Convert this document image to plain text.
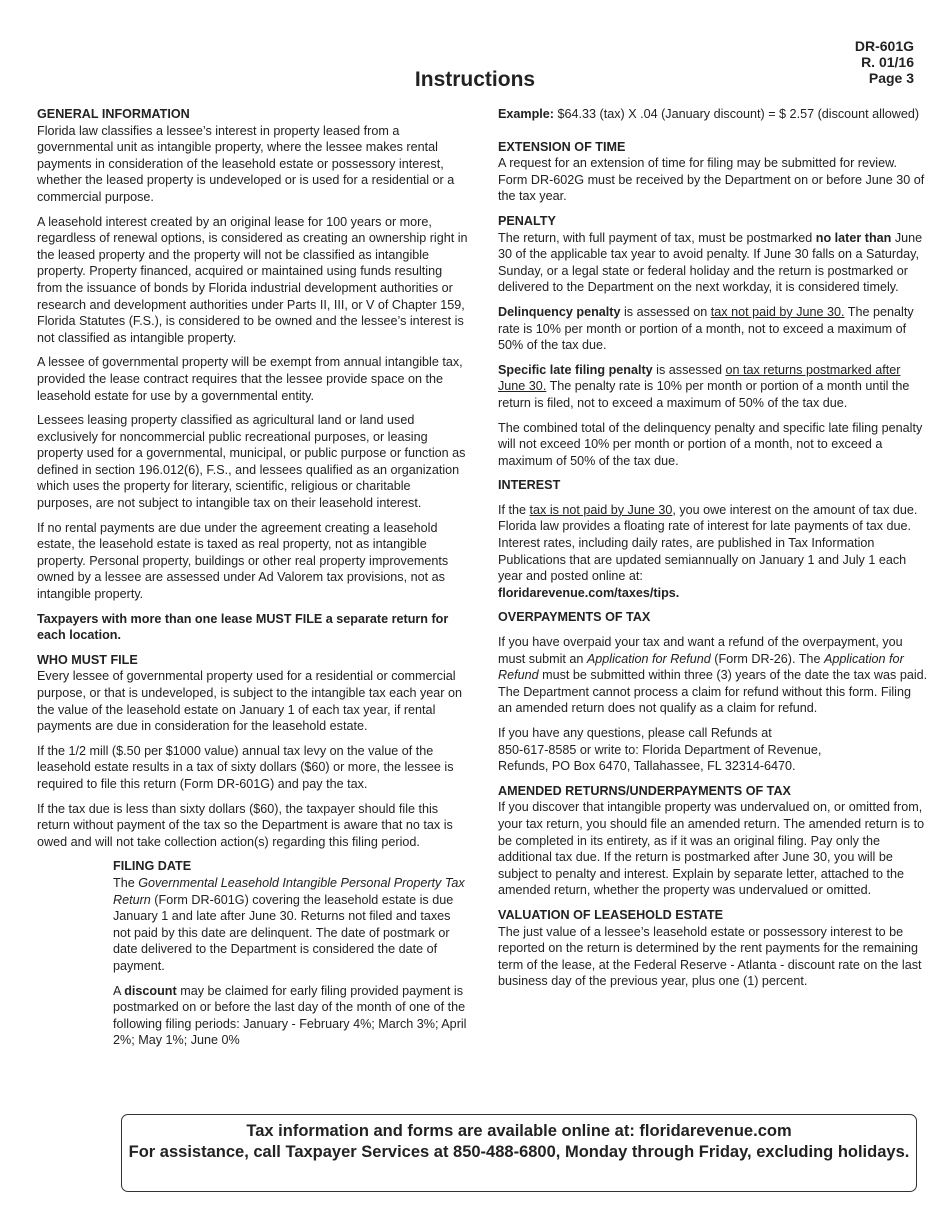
DR-601G
R. 01/16
Page 3
Instructions
GENERAL INFORMATION

Florida law classifies a lessee’s interest in property leased from a governmental unit as intangible property, where the lessee makes rental payments in consideration of the leasehold estate or possessory interest, whether the leased property is undeveloped or is used for a residential or a commercial purpose.

A leasehold interest created by an original lease for 100 years or more, regardless of renewal options, is considered as creating an ownership right in the leased property and the property will not be classified as intangible property. Property financed, acquired or maintained using funds resulting from the issuance of bonds by Florida industrial development authorities or research and development authorities under Parts II, III, or V of Chapter 159, Florida Statutes (F.S.), is considered to be owned and the lessee’s interest is not classified as intangible property.

A lessee of governmental property will be exempt from annual intangible tax, provided the lease contract requires that the lessee provide space on the leasehold estate for use by a governmental entity.

Lessees leasing property classified as agricultural land or land used exclusively for noncommercial public recreational purposes, or leasing property used for a governmental, municipal, or public purpose or function as defined in section 196.012(6), F.S., and lessees qualified as an organization which uses the property for literary, scientific, religious or charitable purposes, are not subject to intangible tax on their leasehold interest.

If no rental payments are due under the agreement creating a leasehold estate, the leasehold estate is taxed as real property, not as intangible property. Personal property, buildings or other real property improvements owned by a lessee are assessed under Ad Valorem tax provisions, not as intangible property.

Taxpayers with more than one lease MUST FILE a separate return for each location.

WHO MUST FILE

Every lessee of governmental property used for a residential or commercial purpose, or that is undeveloped, is subject to the intangible tax each year on the value of the leasehold estate on January 1 of each tax year, if rental payments are due in consideration for the leasehold estate.

If the 1/2 mill ($.50 per $1000 value) annual tax levy on the value of the leasehold estate results in a tax of sixty dollars ($60) or more, the lessee is required to file this return (Form DR-601G) and pay the tax.

If the tax due is less than sixty dollars ($60), the taxpayer should file this return without payment of the tax so the Department is aware that no tax is owed and will not take collection action(s) regarding this filing period.

FILING DATE

The Governmental Leasehold Intangible Personal Property Tax Return (Form DR-601G) covering the leasehold estate is due January 1 and late after June 30. Returns not filed and taxes not paid by this date are delinquent. The date of postmark or date delivered to the Department is considered the date of payment.

A discount may be claimed for early filing provided payment is postmarked on or before the last day of the month of one of the following filing periods: January - February 4%; March 3%; April 2%; May 1%; June 0%

Example: $64.33 (tax) X .04 (January discount) = $ 2.57 (discount allowed)

EXTENSION OF TIME

A request for an extension of time for filing may be submitted for review. Form DR-602G must be received by the Department on or before June 30 of the tax year.

PENALTY

The return, with full payment of tax, must be postmarked no later than June 30 of the applicable tax year to avoid penalty. If June 30 falls on a Saturday, Sunday, or a legal state or federal holiday and the return is postmarked or delivered to the Department on the next workday, it is considered timely.

Delinquency penalty is assessed on tax not paid by June 30. The penalty rate is 10% per month or portion of a month, not to exceed a maximum of 50% of the tax due.

Specific late filing penalty is assessed on tax returns postmarked after June 30. The penalty rate is 10% per month or portion of a month until the return is filed, not to exceed a maximum of 50% of the tax due.

The combined total of the delinquency penalty and specific late filing penalty will not exceed 10% per month or portion of a month, not to exceed a maximum of 50% of the tax due.

INTEREST

If the tax is not paid by June 30, you owe interest on the amount of tax due. Florida law provides a floating rate of interest for late payments of tax due. Interest rates, including daily rates, are published in Tax Information Publications that are updated semiannually on January 1 and July 1 each year and posted online at:
floridarevenue.com/taxes/tips.

OVERPAYMENTS OF TAX

If you have overpaid your tax and want a refund of the overpayment, you must submit an Application for Refund (Form DR-26). The Application for Refund must be submitted within three (3) years of the date the tax was paid. The Department cannot process a claim for refund without this form. Filing an amended return does not qualify as a claim for refund.

If you have any questions, please call Refunds at
850-617-8585 or write to: Florida Department of Revenue,
Refunds, PO Box 6470, Tallahassee, FL 32314-6470.

AMENDED RETURNS/UNDERPAYMENTS OF TAX

If you discover that intangible property was undervalued on, or omitted from, your tax return, you should file an amended return. The amended return is to be completed in its entirety, as if it was an original filing. Pay only the additional tax due. If the return is postmarked after June 30, you will be subject to penalty and interest. Explain by separate letter, attached to the amended return, whether the property was undervalued or omitted.

VALUATION OF LEASEHOLD ESTATE

The just value of a lessee’s leasehold estate or possessory interest to be reported on the return is determined by the rent payments for the remaining term of the lease, at the Federal Reserve - Atlanta - discount rate on the last business day of the previous year, plus one (1) percent.

Tax information and forms are available online at: floridarevenue.com
For assistance, call Taxpayer Services at 850-488-6800, Monday through Friday, excluding holidays.
